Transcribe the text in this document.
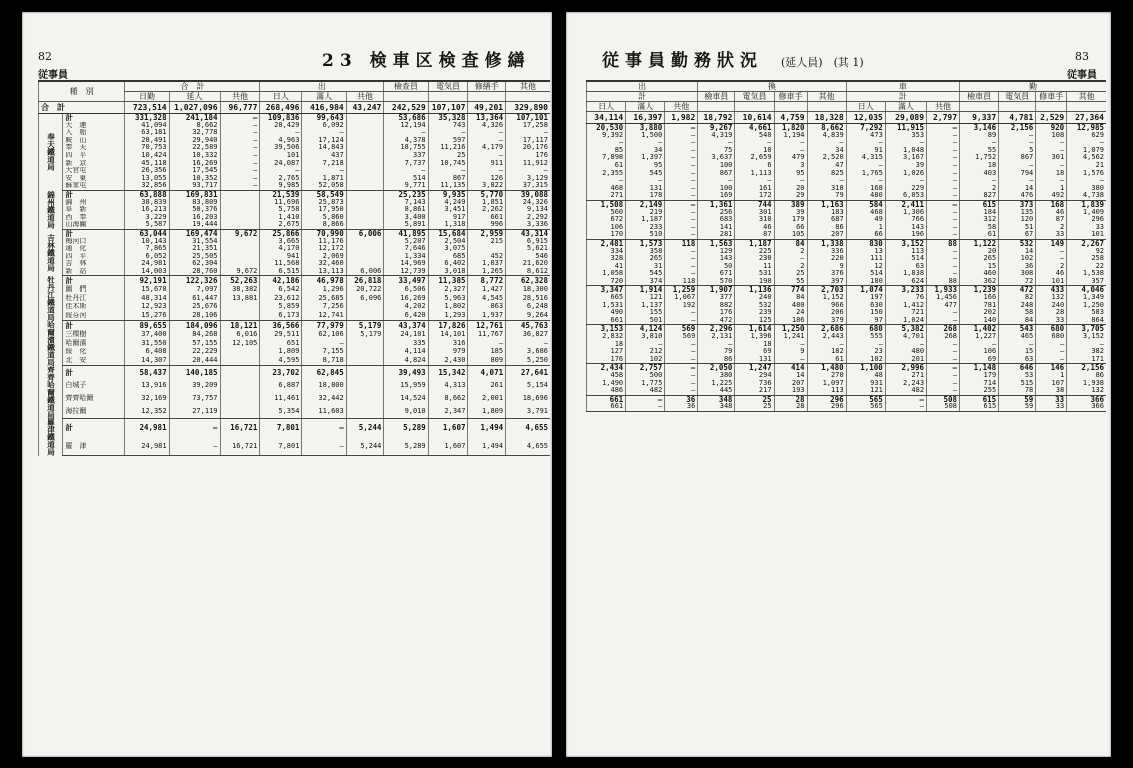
82
従事員
23 検車区検査修繕
種　別		合　計			出			檢查員	電気員	修繕手	其他
		日勤	延人	共他	日人	滿人	共他				
合　計		723,514	1,027,096	96,777	268,496	416,984	43,247	242,529	107,107	49,201	329,890
奉天鐵道局	計	331,328	241,184	—	109,836	99,643		53,686	35,328	13,364	107,101
	大　連	41,094	8,662	—	28,429	6,092		12,194	743	4,326	17,258
	入　船	63,181	32,778	—	—	—		—	—	—	—
	鞍　山	28,491	29,940	—	4,963	17,124		4,378	597	—	17,117
	奉　天	70,753	22,589	—	39,506	14,843		18,755	11,216	4,179	20,176
	四　平	10,424	10,332	—	101	437		337	25	—	176
	新　京	45,118	16,269	—	24,087	7,218		7,737	10,745	911	11,912
	大官屯	26,356	17,545	—	—	—		—	—	—	—
	安　東	13,055	10,352	—	2,765	1,871		514	867	126	3,129
	蘇家屯	32,856	93,717	—	9,985	52,058		9,771	11,135	3,822	37,315
錦州鐵道局	計	63,888	169,831		21,539	58,549		25,235	9,935	5,770	39,088
	錦　州	38,839	83,809		11,696	25,873		7,143	4,249	1,851	24,326
	阜　新	16,213	50,376		5,758	17,950		8,861	3,451	2,262	9,134
	西　奉	3,229	16,203		1,410	5,860		3,400	917	661	2,292
	山海關	5,587	19,444		2,675	8,866		5,891	1,318	996	3,336
吉林鐵道局	計	63,044	169,474	9,672	25,866	70,990	6,006	41,895	15,684	2,959	43,314
	梅河口	10,143	31,554		3,665	11,176		5,207	2,504	215	6,915
	通　化	7,865	21,351		4,170	12,172		7,646	3,075		5,621
	四　平	6,052	25,505		941	2,069		1,334	685	452	546
	吉　林	24,981	62,304		11,568	32,460		14,969	6,402	1,037	21,620
	新　站	14,003	28,760	9,672	6,515	13,113	6,006	12,739	3,018	1,265	8,612
牡丹江鐵道局	計	92,191	122,326	52,263	42,186	46,978	26,818	33,497	11,385	8,772	62,328
	圖　們	15,678	7,097	38,382	6,542	1,296	20,722	6,506	2,327	1,427	18,300
	牡丹江	48,314	61,447	13,881	23,612	25,685	6,096	16,269	5,963	4,545	28,516
	佳木斯	12,923	25,676		5,859	7,256		4,202	1,802	863	6,248
	綏芬河	15,276	28,106		6,173	12,741		6,420	1,293	1,937	9,264
哈爾濱鐵道局	計	89,655	184,096	18,121	36,566	77,979	5,179	43,374	17,826	12,761	45,763
	三棵樹	37,400	84,268	6,016	29,511	62,106	5,179	24,101	14,101	11,767	36,827
	哈爾濱	31,550	57,155	12,105	651	—		335	316	—	—
	綏　化	6,408	22,229		1,809	7,155		4,114	979	185	3,686
	北　安	14,307	20,444		4,595	8,718		4,824	2,430	809	5,250
齊齊哈爾鐵道局	計	58,437	140,185		23,702	62,845		39,493	15,342	4,071	27,641
	白城子	13,916	39,209		6,887	18,800		15,959	4,313	261	5,154
	齊齊哈爾	32,169	73,757		11,461	32,442		14,524	8,662	2,001	18,696
	海拉爾	12,352	27,119		5,354	11,603		9,010	2,347	1,809	3,791
羅津鐵道局	計	24,981	—	16,721	7,801	—	5,244	5,289	1,607	1,494	4,655
	羅　津	24,981	—	16,721	7,801	—	5,244	5,289	1,607	1,494	4,655
従事員勤務狀況 (延人員)　(其 1)	83
従事員
出			換				車			勤			
計			檢車員	電気員	修車手	其他	計			檢車員	電気員	修車手	其他
日人	滿人	共他					日人	滿人	共他				
34,114	16,397	1,982	18,792	10,614	4,759	18,328	12,035	29,089	2,797	9,337	4,781	2,529	27,364
20,530	3,880	—	9,267	4,661	1,820	8,662	7,292	11,915	—	3,146	2,156	920	12,985
9,392	1,500	—	4,319	540	1,194	4,839	473	353	—	89	—	108	629
—	—	—	—	—	—	—	—	—	—	—	—	—	—
85	34	—	75	10	—	34	91	1,048	—	55	5	—	1,079
7,898	1,397	—	3,637	2,659	479	2,520	4,315	3,167	—	1,752	867	301	4,562
61	95	—	100	6	3	47	—	39	—	18	—	—	21
2,355	545	—	867	1,113	95	825	1,765	1,026	—	403	794	18	1,576
—	—	—	—	—	—	—	—	—	—	—	—	—	—
468	131	—	100	161	20	318	168	229	—	2	14	1	380
271	178	—	169	172	29	79	480	6,053	—	827	476	492	4,738
1,508	2,149	—	1,361	744	389	1,163	584	2,411	—	615	373	168	1,839
560	219	—	256	301	39	183	468	1,306	—	184	135	46	1,409
672	1,187	—	683	310	179	687	49	766	—	312	120	87	296
106	233	—	141	46	66	86	1	143	—	58	51	2	33
170	510	—	281	87	105	207	66	196	—	61	67	33	101
2,481	1,573	118	1,563	1,187	84	1,338	830	3,152	88	1,122	532	149	2,267
334	358	—	129	225	2	336	13	113	—	20	14	—	92
328	265	—	143	230	—	220	111	514	—	265	102	—	258
41	31	—	50	11	2	9	12	63	—	15	36	2	22
1,058	545	—	671	531	25	376	514	1,838	—	460	308	46	1,538
720	374	118	570	190	55	397	180	624	88	362	72	101	357
3,347	1,914	1,259	1,907	1,136	774	2,703	1,074	3,233	1,933	1,239	472	433	4,046
665	121	1,067	377	240	84	1,152	197	76	1,456	166	82	132	1,349
1,531	1,137	192	882	532	480	966	630	1,412	477	781	248	240	1,250
490	155	—	176	239	24	206	150	721	—	202	58	28	583
661	501	—	472	125	186	379	97	1,024	—	140	84	33	864
3,153	4,124	569	2,296	1,614	1,250	2,686	680	5,382	268	1,402	543	680	3,705
2,832	3,810	569	2,131	1,396	1,241	2,443	555	4,701	268	1,227	465	680	3,152
18	—	—	—	18	—	—	—	—	—	—	—	—	—
127	212	—	79	69	9	182	23	480	—	106	15	—	382
176	102	—	86	131	—	61	102	201	—	69	63	—	171
2,434	2,757	—	2,050	1,247	414	1,480	1,100	2,996	—	1,148	646	146	2,156
458	500	—	380	294	14	270	48	271	—	179	53	1	86
1,490	1,775	—	1,225	736	207	1,097	931	2,243	—	714	515	107	1,938
486	482	—	445	217	193	113	121	482	—	255	78	38	132
661	—	36	348	25	28	296	565	—	508	615	59	33	366
661	—	36	348	25	28	296	565	—	508	615	59	33	366
